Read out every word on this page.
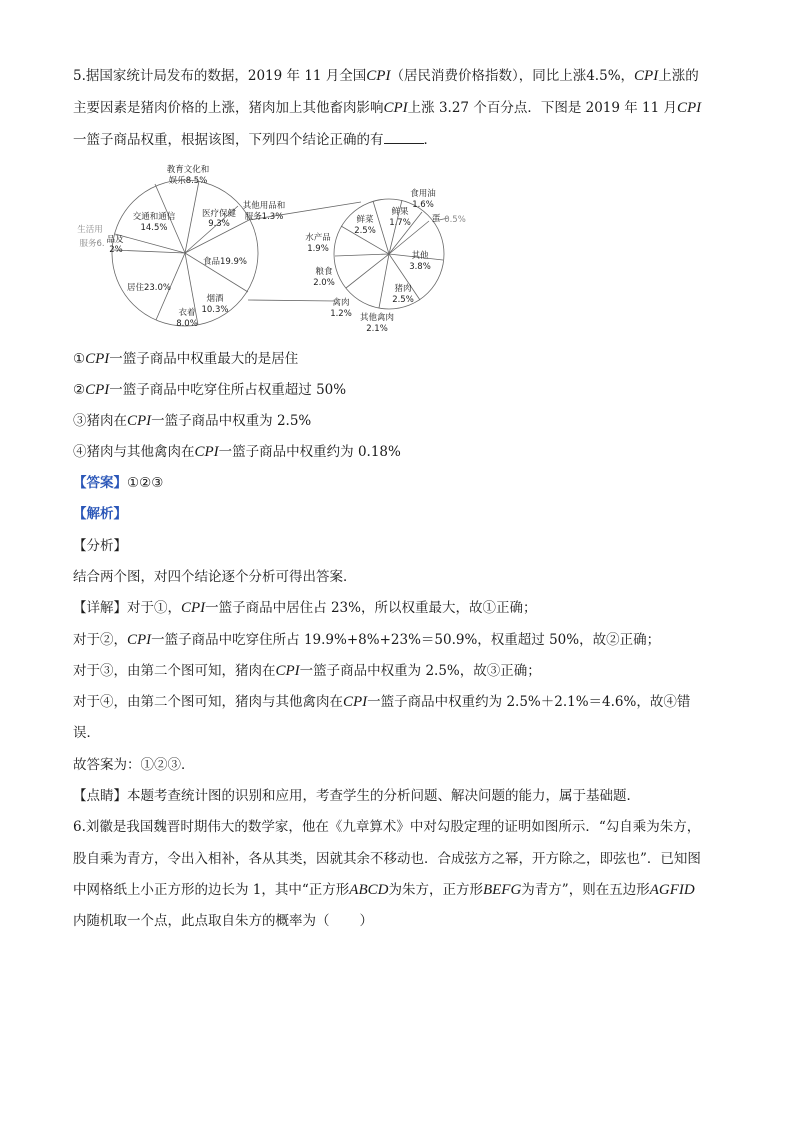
5.据国家统计局发布的数据，2019 年 11 月全国CPI（居民消费价格指数），同比上涨4.5%，CPI上涨的
主要因素是猪肉价格的上涨，猪肉加上其他畜肉影响CPI上涨 3.27 个百分点．下图是 2019 年 11 月CPI
一篮子商品权重，根据该图，下列四个结论正确的有	．
教育文化和
娱乐8.5%
医疗保健
9.3%
其他用品和
服务1.3%
交通和通信
14.5%
生活用
服务6. 品及
2%
食品19.9%
居住23.0%
烟酒
10.3%
衣着
8.0%
鲜菜
2.5%
鲜果
1.7%
食用油
1.6%
蛋 0.5%
水产品
1.9%
粮食
2.0%
禽肉
1.2%
其他
3.8%
猪肉
2.5%
其他禽肉
2.1%
①CPI一篮子商品中权重最大的是居住
②CPI一篮子商品中吃穿住所占权重超过 50%
③猪肉在CPI一篮子商品中权重为 2.5%
④猪肉与其他禽肉在CPI一篮子商品中权重约为 0.18%
【答案】①②③
【解析】
【分析】
结合两个图，对四个结论逐个分析可得出答案．
【详解】对于①，CPI一篮子商品中居住占 23%，所以权重最大，故①正确；
对于②，CPI一篮子商品中吃穿住所占 19.9%+8%+23%＝50.9%，权重超过 50%，故②正确；
对于③，由第二个图可知，猪肉在CPI一篮子商品中权重为 2.5%，故③正确；
对于④，由第二个图可知，猪肉与其他禽肉在CPI一篮子商品中权重约为 2.5%＋2.1%＝4.6%，故④错
误．
故答案为：①②③．
【点睛】本题考查统计图的识别和应用，考查学生的分析问题、解决问题的能力，属于基础题．
6.刘徽是我国魏晋时期伟大的数学家，他在《九章算术》中对勾股定理的证明如图所示．“勾自乘为朱方，
股自乘为青方，令出入相补，各从其类，因就其余不移动也．合成弦方之幂，开方除之，即弦也”．已知图
中网格纸上小正方形的边长为 1，其中“正方形ABCD为朱方，正方形BEFG为青方”，则在五边形AGFID
内随机取一个点，此点取自朱方的概率为（ ）
